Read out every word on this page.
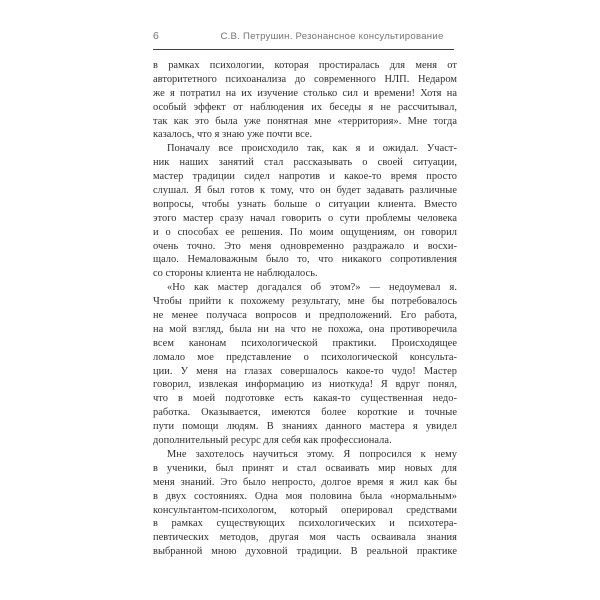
6	С.В. Петрушин. Резонансное консультирование
в рамках психологии, которая простиралась для меня от
авторитетного психоанализа до современного НЛП. Недаром
же я потратил на их изучение столько сил и времени! Хотя на
особый эффект от наблюдения их беседы я не рассчитывал,
так как это была уже понятная мне «территория». Мне тогда
казалось, что я знаю уже почти все.
Поначалу все происходило так, как я и ожидал. Участ-
ник наших занятий стал рассказывать о своей ситуации,
мастер традиции сидел напротив и какое-то время просто
слушал. Я был готов к тому, что он будет задавать различные
вопросы, чтобы узнать больше о ситуации клиента. Вместо
этого мастер сразу начал говорить о сути проблемы человека
и о способах ее решения. По моим ощущениям, он говорил
очень точно. Это меня одновременно раздражало и восхи-
щало. Немаловажным было то, что никакого сопротивления
со стороны клиента не наблюдалось.
«Но как мастер догадался об этом?» — недоумевал я.
Чтобы прийти к похожему результату, мне бы потребовалось
не менее получаса вопросов и предположений. Его работа,
на мой взгляд, была ни на что не похожа, она противоречила
всем канонам психологической практики. Происходящее
ломало мое представление о психологической консульта-
ции. У меня на глазах совершалось какое-то чудо! Мастер
говорил, извлекая информацию из ниоткуда! Я вдруг понял,
что в моей подготовке есть какая-то существенная недо-
работка. Оказывается, имеются более короткие и точные
пути помощи людям. В знаниях данного мастера я увидел
дополнительный ресурс для себя как профессионала.
Мне захотелось научиться этому. Я попросился к нему
в ученики, был принят и стал осваивать мир новых для
меня знаний. Это было непросто, долгое время я жил как бы
в двух состояниях. Одна моя половина была «нормальным»
консультантом-психологом, который оперировал средствами
в рамках существующих психологических и психотера-
певтических методов, другая моя часть осваивала знания
выбранной мною духовной традиции. В реальной практике
